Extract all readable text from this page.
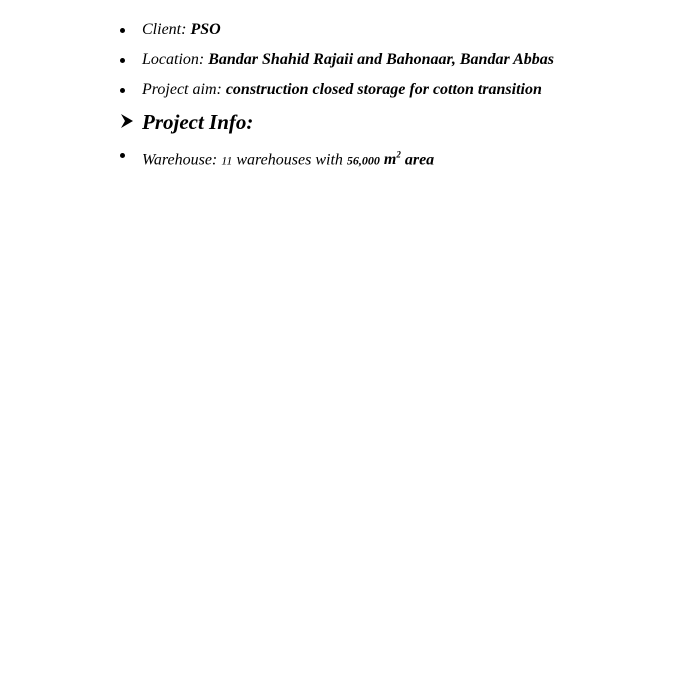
Client: PSO
Location: Bandar Shahid Rajaii and Bahonaar, Bandar Abbas
Project aim: construction closed storage for cotton transition
Project Info:
Warehouse: 11 warehouses with 56,000 $m^2$ area
